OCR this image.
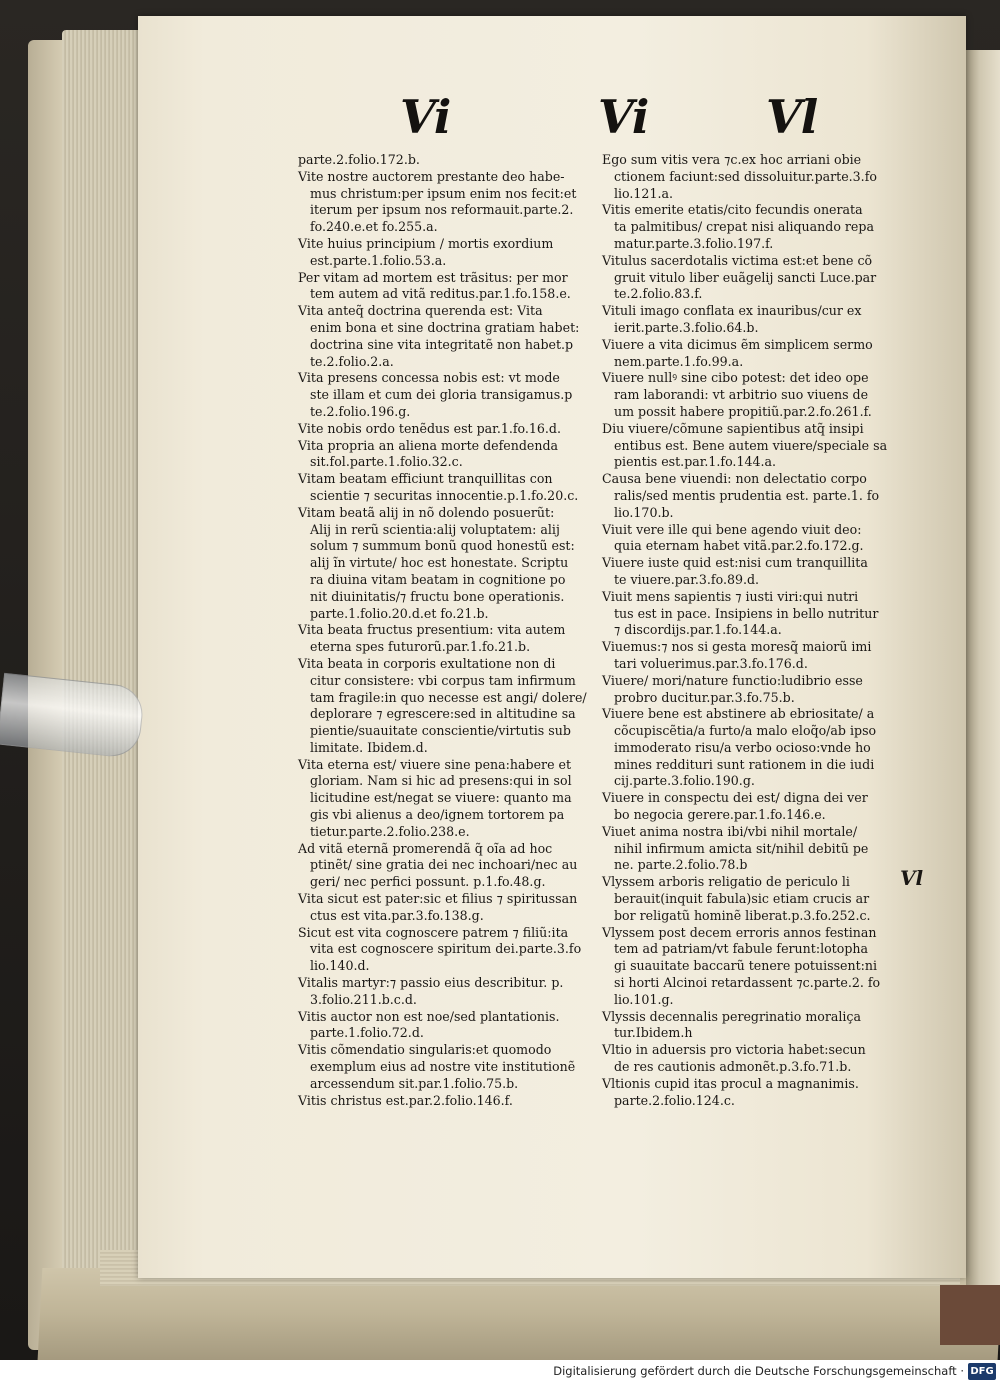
Vi	Vi	Vl

parte.2.folio.172.b.

Vite nostre auctorem prestante deo habe-
mus christum:per ipsum enim nos fecit:et
iterum per ipsum nos reformauit.parte.2.
fo.240.e.et fo.255.a.

Vite huius principium / mortis exordium
est.parte.1.folio.53.a.

Per vitam ad mortem est trãsitus: per mor
tem autem ad vitã reditus.par.1.fo.158.e.

Vita anteq̃ doctrina querenda est: Vita
enim bona et sine doctrina gratiam habet:
doctrina sine vita integritatẽ non habet.p
te.2.folio.2.a.

Vita presens concessa nobis est: vt mode
ste illam et cum dei gloria transigamus.p
te.2.folio.196.g.

Vite nobis ordo tenẽdus est par.1.fo.16.d.

Vita propria an aliena morte defendenda
sit.fol.parte.1.folio.32.c.

Vitam beatam efficiunt tranquillitas con
scientie ⁊ securitas innocentie.p.1.fo.20.c.

Vitam beatã alij in nõ dolendo posuerũt:
Alij in rerũ scientia:alij voluptatem: alij
solum ⁊ summum bonũ quod honestũ est:
alij ĩn virtute/ hoc est honestate. Scriptu
ra diuina vitam beatam in cognitione po
nit diuinitatis/⁊ fructu bone operationis.
parte.1.folio.20.d.et fo.21.b.

Vita beata fructus presentium: vita autem
eterna spes futurorũ.par.1.fo.21.b.

Vita beata in corporis exultatione non di
citur consistere: vbi corpus tam infirmum
tam fragile:in quo necesse est angi/ dolere/
deplorare ⁊ egrescere:sed in altitudine sa
pientie/suauitate conscientie/virtutis sub
limitate. Ibidem.d.

Vita eterna est/ viuere sine pena:habere et
gloriam. Nam si hic ad presens:qui in sol
licitudine est/negat se viuere: quanto ma
gis vbi alienus a deo/ignem tortorem pa
tietur.parte.2.folio.238.e.

Ad vitã eternã promerendã q̃ oĩa ad hoc
ptinẽt/ sine gratia dei nec inchoari/nec au
geri/ nec perfici possunt. p.1.fo.48.g.

Vita sicut est pater:sic et filius ⁊ spiritussan
ctus est vita.par.3.fo.138.g.

Sicut est vita cognoscere patrem ⁊ filiũ:ita
vita est cognoscere spiritum dei.parte.3.fo
lio.140.d.

Vitalis martyr:⁊ passio eius describitur. p.
3.folio.211.b.c.d.

Vitis auctor non est noe/sed plantationis.
parte.1.folio.72.d.

Vitis cõmendatio singularis:et quomodo
exemplum eius ad nostre vite institutionẽ
arcessendum sit.par.1.folio.75.b.

Vitis christus est.par.2.folio.146.f.

Ego sum vitis vera ⁊c.ex hoc arriani obie
ctionem faciunt:sed dissoluitur.parte.3.fo
lio.121.a.

Vitis emerite etatis/cito fecundis onerata
ta palmitibus/ crepat nisi aliquando repa
matur.parte.3.folio.197.f.

Vitulus sacerdotalis victima est:et bene cõ
gruit vitulo liber euãgelij sancti Luce.par
te.2.folio.83.f.

Vituli imago conflata ex inauribus/cur ex
ierit.parte.3.folio.64.b.

Viuere a vita dicimus ẽm simplicem sermo
nem.parte.1.fo.99.a.

Viuere nullꝰ sine cibo potest: det ideo ope
ram laborandi: vt arbitrio suo viuens de
um possit habere propitiũ.par.2.fo.261.f.

Diu viuere/cõmune sapientibus atq̃ insipi
entibus est. Bene autem viuere/speciale sa
pientis est.par.1.fo.144.a.

Causa bene viuendi: non delectatio corpo
ralis/sed mentis prudentia est. parte.1. fo
lio.170.b.

Viuit vere ille qui bene agendo viuit deo:
quia eternam habet vitã.par.2.fo.172.g.

Viuere iuste quid est:nisi cum tranquillita
te viuere.par.3.fo.89.d.

Viuit mens sapientis ⁊ iusti viri:qui nutri
tus est in pace. Insipiens in bello nutritur
⁊ discordijs.par.1.fo.144.a.

Viuemus:⁊ nos si gesta moresq̃ maiorũ imi
tari voluerimus.par.3.fo.176.d.

Viuere/ mori/nature functio:ludibrio esse
probro ducitur.par.3.fo.75.b.

Viuere bene est abstinere ab ebriositate/ a
cõcupiscẽtia/a furto/a malo eloq̃o/ab ipso
immoderato risu/a verbo ocioso:vnde ho
mines reddituri sunt rationem in die iudi
cij.parte.3.folio.190.g.

Viuere in conspectu dei est/ digna dei ver
bo negocia gerere.par.1.fo.146.e.

Viuet anima nostra ibi/vbi nihil mortale/
nihil infirmum amicta sit/nihil debitũ pe
ne. parte.2.folio.78.b

Vlyssem arboris religatio de periculo li
berauit(inquit fabula)sic etiam crucis ar
bor religatũ hominẽ liberat.p.3.fo.252.c.

Vlyssem post decem erroris annos festinan
tem ad patriam/vt fabule ferunt:lotopha
gi suauitate baccarũ tenere potuissent:ni
si horti Alcinoi retardassent ⁊c.parte.2. fo
lio.101.g.

Vlyssis decennalis peregrinatio moraliça
tur.Ibidem.h

Vltio in aduersis pro victoria habet:secun
de res cautionis admonẽt.p.3.fo.71.b.

Vltionis cupid itas procul a magnanimis.
parte.2.folio.124.c.

Vl
Digitalisierung gefördert durch die Deutsche Forschungsgemeinschaft · DFG
